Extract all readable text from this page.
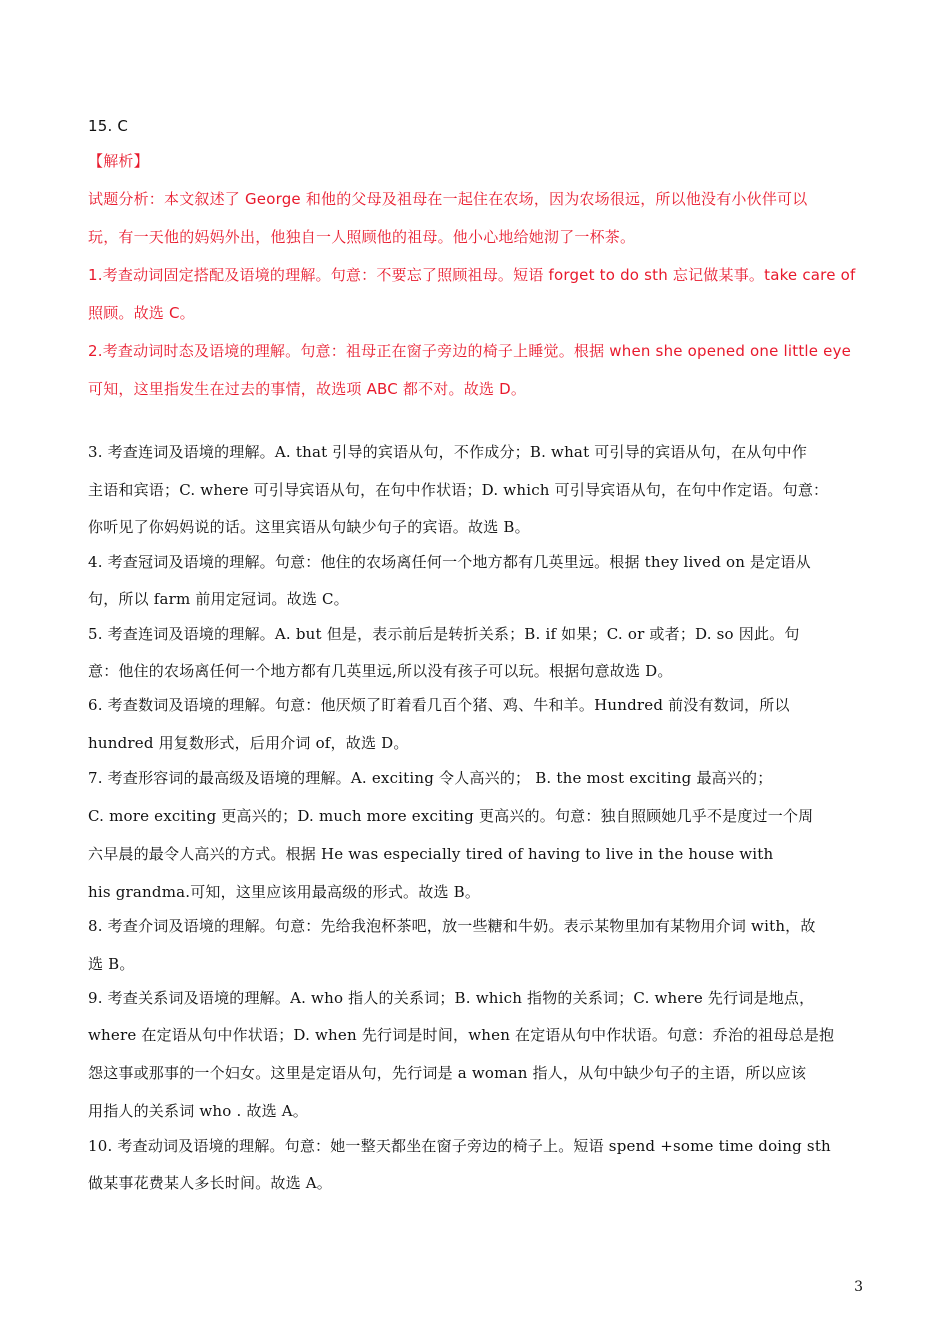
15. C
【解析】
试题分析：本文叙述了 George 和他的父母及祖母在一起住在农场，因为农场很远，所以他没有小伙伴可以
玩，有一天他的妈妈外出，他独自一人照顾他的祖母。他小心地给她沏了一杯茶。
1.考查动词固定搭配及语境的理解。句意：不要忘了照顾祖母。短语 forget to do sth 忘记做某事。take care of
照顾。故选 C。
2.考查动词时态及语境的理解。句意：祖母正在窗子旁边的椅子上睡觉。根据 when she opened one little eye
可知，这里指发生在过去的事情，故选项 ABC 都不对。故选 D。
3. 考查连词及语境的理解。A. that 引导的宾语从句，不作成分；B. what 可引导的宾语从句，在从句中作
主语和宾语；C. where 可引导宾语从句，在句中作状语；D. which 可引导宾语从句，在句中作定语。句意：
你听见了你妈妈说的话。这里宾语从句缺少句子的宾语。故选 B。
4. 考查冠词及语境的理解。句意：他住的农场离任何一个地方都有几英里远。根据 they lived on 是定语从
句，所以 farm 前用定冠词。故选 C。
5. 考查连词及语境的理解。A. but 但是，表示前后是转折关系；B. if 如果；C. or 或者；D. so 因此。句
意：他住的农场离任何一个地方都有几英里远,所以没有孩子可以玩。根据句意故选 D。
6. 考查数词及语境的理解。句意：他厌烦了盯着看几百个猪、鸡、牛和羊。Hundred 前没有数词，所以
hundred 用复数形式，后用介词 of，故选 D。
7. 考查形容词的最高级及语境的理解。A. exciting 令人高兴的； B. the most exciting 最高兴的；
C. more exciting 更高兴的；D. much more exciting 更高兴的。句意：独自照顾她几乎不是度过一个周
六早晨的最令人高兴的方式。根据 He was especially tired of having to live in the house with
his grandma.可知，这里应该用最高级的形式。故选 B。
8. 考查介词及语境的理解。句意：先给我泡杯茶吧，放一些糖和牛奶。表示某物里加有某物用介词 with，故
选 B。
9. 考查关系词及语境的理解。A. who 指人的关系词；B. which 指物的关系词；C. where 先行词是地点，
where 在定语从句中作状语；D. when 先行词是时间，when 在定语从句中作状语。句意：乔治的祖母总是抱
怨这事或那事的一个妇女。这里是定语从句，先行词是 a woman 指人，从句中缺少句子的主语，所以应该
用指人的关系词 who . 故选 A。
10. 考查动词及语境的理解。句意：她一整天都坐在窗子旁边的椅子上。短语 spend +some time doing sth
做某事花费某人多长时间。故选 A。
3
